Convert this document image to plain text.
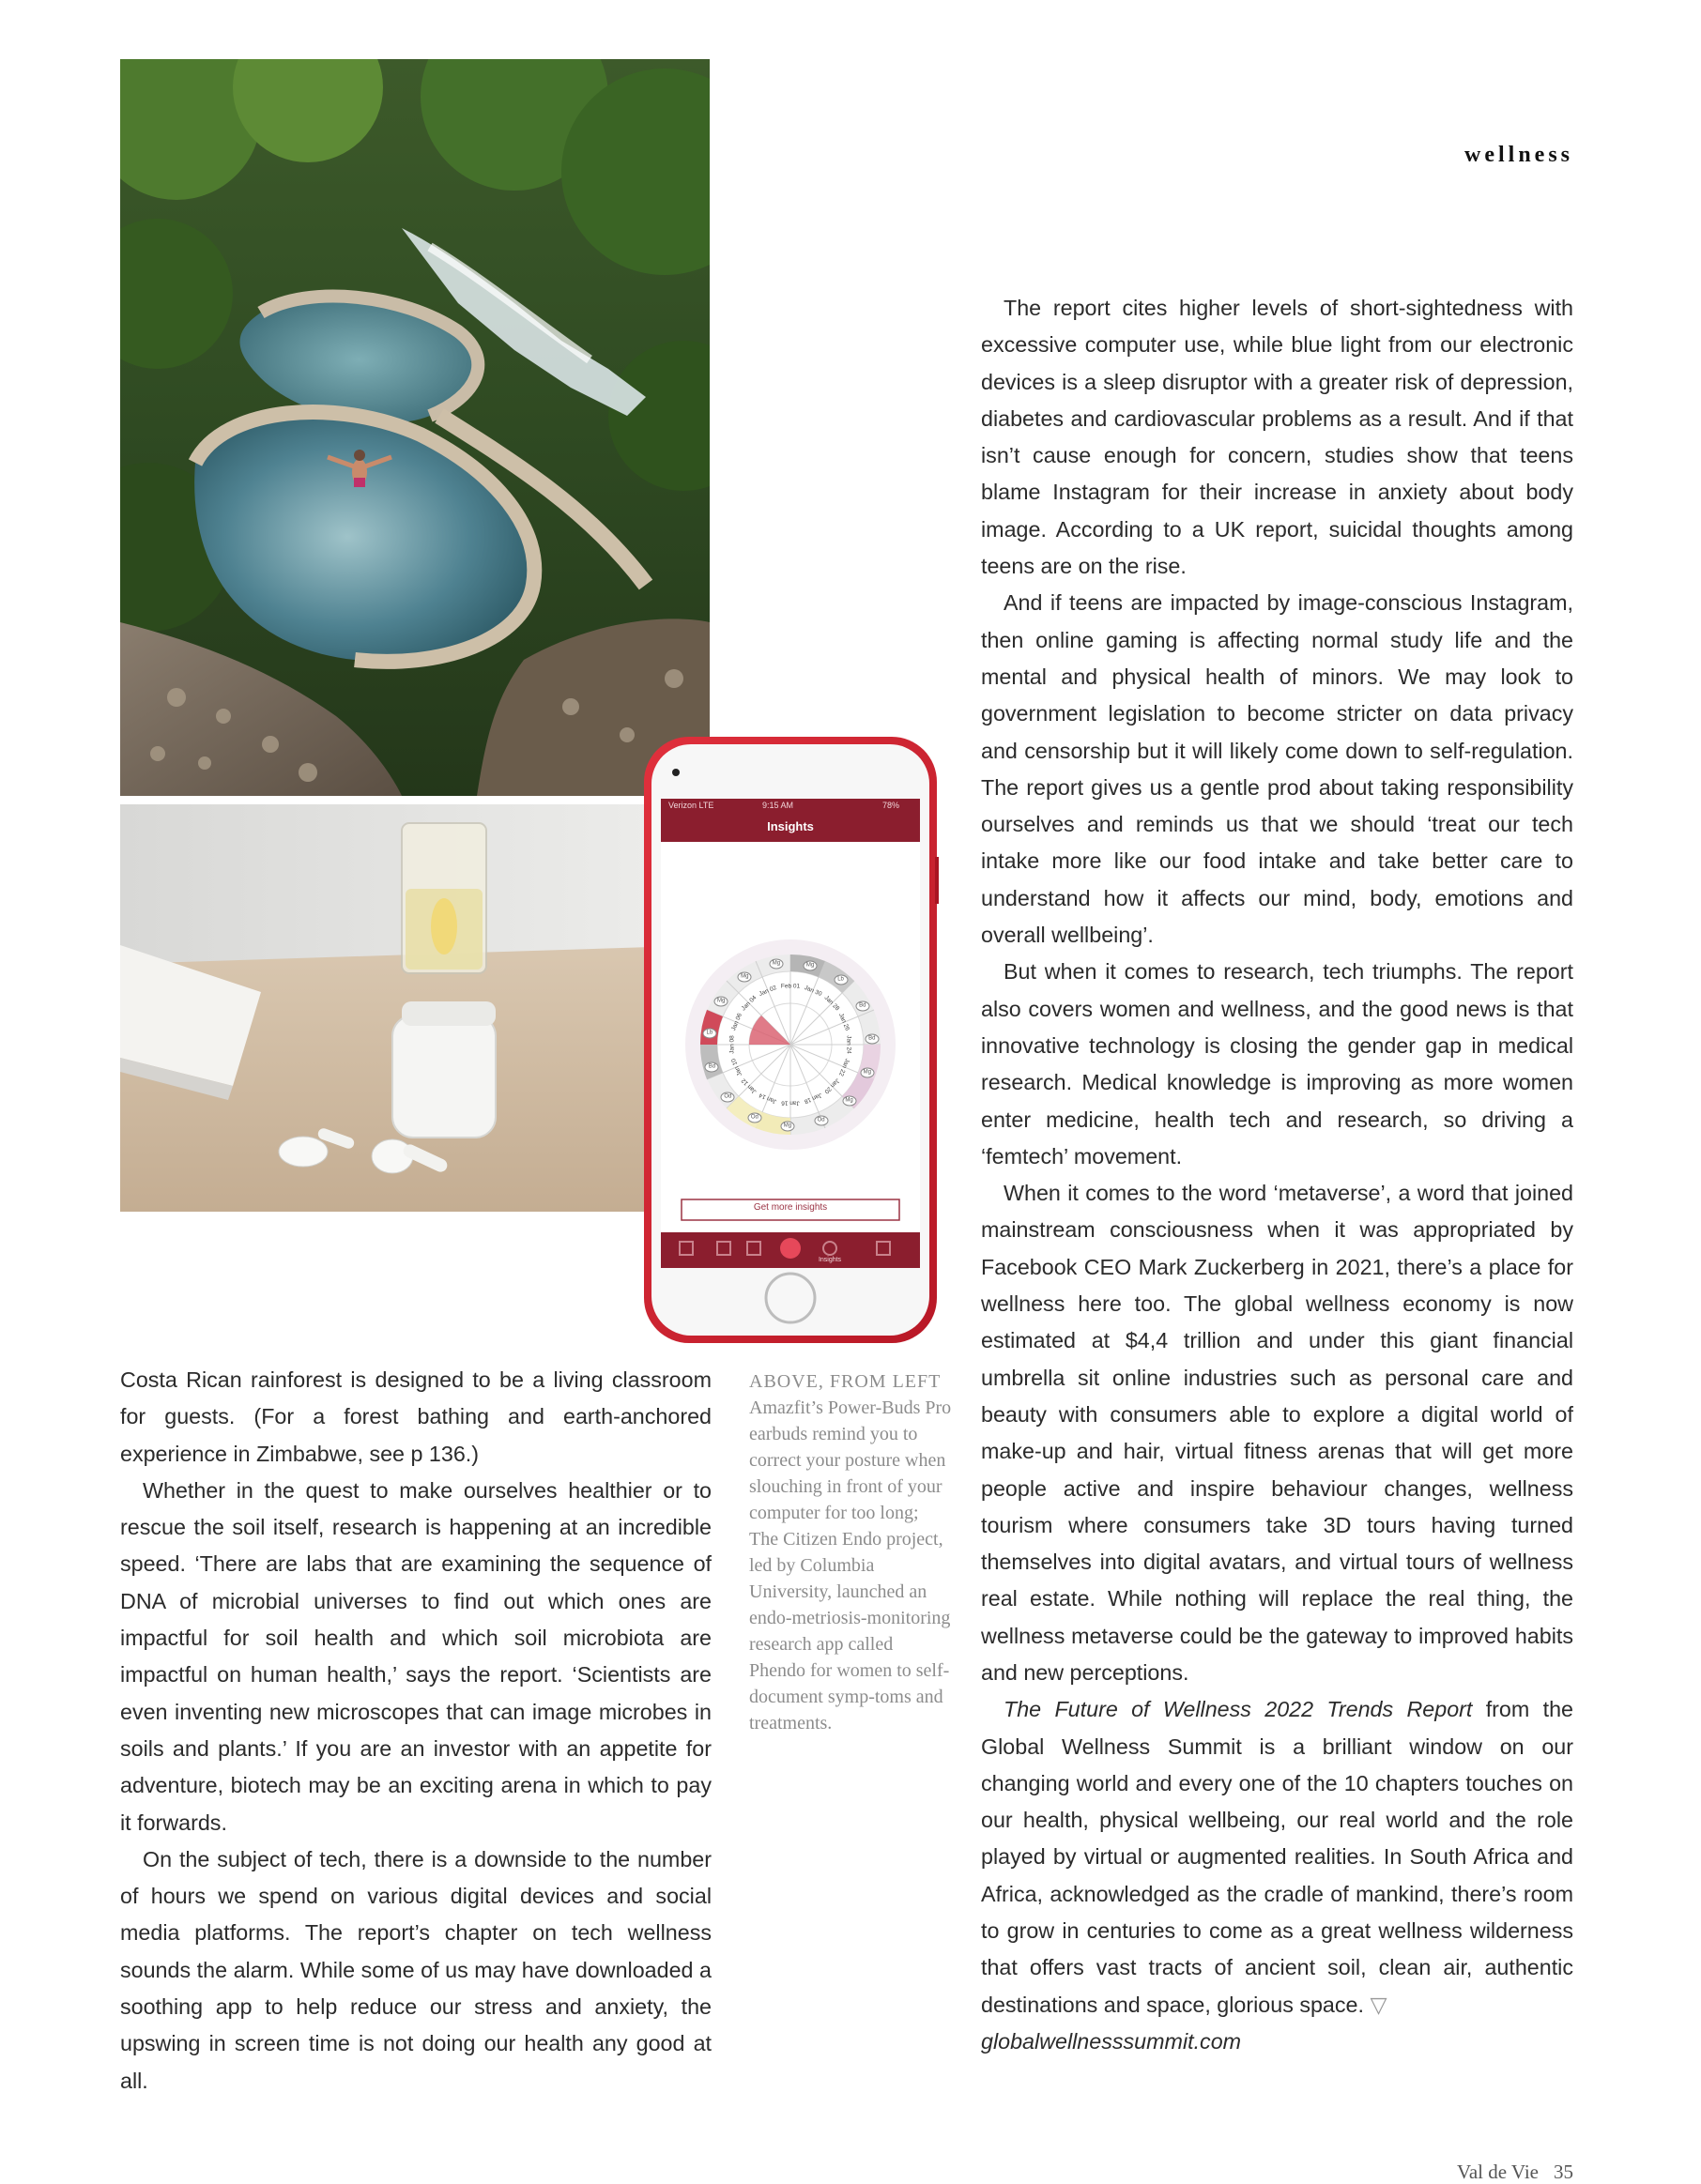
wellness
Verizon LTE	9:15 AM	78%
Insights
Get more insights
Insights
Feb 01 Jan 30
Jan 28
Jan 26
Jan 24
Jan 22
Jan 20
Jan 18
Jan 16
Jan 14
Jan 12
Jan 10
Jan 08
Jan 06
Jan 04
Jan 02
Mg	Mg
Lb
Bd
Bd
Mg
Mg
Od
Mg
Od
Od
Bd
Lb
Mg
Mg

Costa Rican rainforest is designed to be a living classroom for guests. (For a forest bathing and earth-anchored experience in Zimbabwe, see p 136.)

Whether in the quest to make ourselves healthier or to rescue the soil itself, research is happening at an incredible speed. ‘There are labs that are examining the sequence of DNA of microbial universes to find out which ones are impactful for soil health and which soil microbiota are impactful on human health,’ says the report. ‘Scientists are even inventing new microscopes that can image microbes in soils and plants.’ If you are an investor with an appetite for adventure, biotech may be an exciting arena in which to pay it forwards.

On the subject of tech, there is a downside to the number of hours we spend on various digital devices and social media platforms. The report’s chapter on tech wellness sounds the alarm. While some of us may have downloaded a soothing app to help reduce our stress and anxiety, the upswing in screen time is not doing our health any good at all.

ABOVE, FROM LEFT
Amazfit’s Power-Buds Pro earbuds remind you to correct your posture when slouching in front of your computer for too long; The Citizen Endo project, led by Columbia University, launched an endo-metriosis-monitoring research app called Phendo for women to self-document symp-toms and treatments.

The report cites higher levels of short-sightedness with excessive computer use, while blue light from our electronic devices is a sleep disruptor with a greater risk of depression, diabetes and cardiovascular problems as a result. And if that isn’t cause enough for concern, studies show that teens blame Instagram for their increase in anxiety about body image. According to a UK report, suicidal thoughts among teens are on the rise.

And if teens are impacted by image-conscious Instagram, then online gaming is affecting normal study life and the mental and physical health of minors. We may look to government legislation to become stricter on data privacy and censorship but it will likely come down to self-regulation. The report gives us a gentle prod about taking responsibility ourselves and reminds us that we should ‘treat our tech intake more like our food intake and take better care to understand how it affects our mind, body, emotions and overall wellbeing’.

But when it comes to research, tech triumphs. The report also covers women and wellness, and the good news is that innovative technology is closing the gender gap in medical research. Medical knowledge is improving as more women enter medicine, health tech and research, so driving a ‘femtech’ movement.

When it comes to the word ‘metaverse’, a word that joined mainstream consciousness when it was appropriated by Facebook CEO Mark Zuckerberg in 2021, there’s a place for wellness here too. The global wellness economy is now estimated at $4,4 trillion and under this giant financial umbrella sit online industries such as personal care and beauty with consumers able to explore a digital world of make-up and hair, virtual fitness arenas that will get more people active and inspire behaviour changes, wellness tourism where consumers take 3D tours having turned themselves into digital avatars, and virtual tours of wellness real estate. While nothing will replace the real thing, the wellness metaverse could be the gateway to improved habits and new perceptions.

The Future of Wellness 2022 Trends Report from the Global Wellness Summit is a brilliant window on our changing world and every one of the 10 chapters touches on our health, physical wellbeing, our real world and the role played by virtual or augmented realities. In South Africa and Africa, acknowledged as the cradle of mankind, there’s room to grow in centuries to come as a great wellness wilderness that offers vast tracts of ancient soil, clean air, authentic destinations and space, glorious space. ▽

globalwellnesssummit.com

Val de Vie 35
